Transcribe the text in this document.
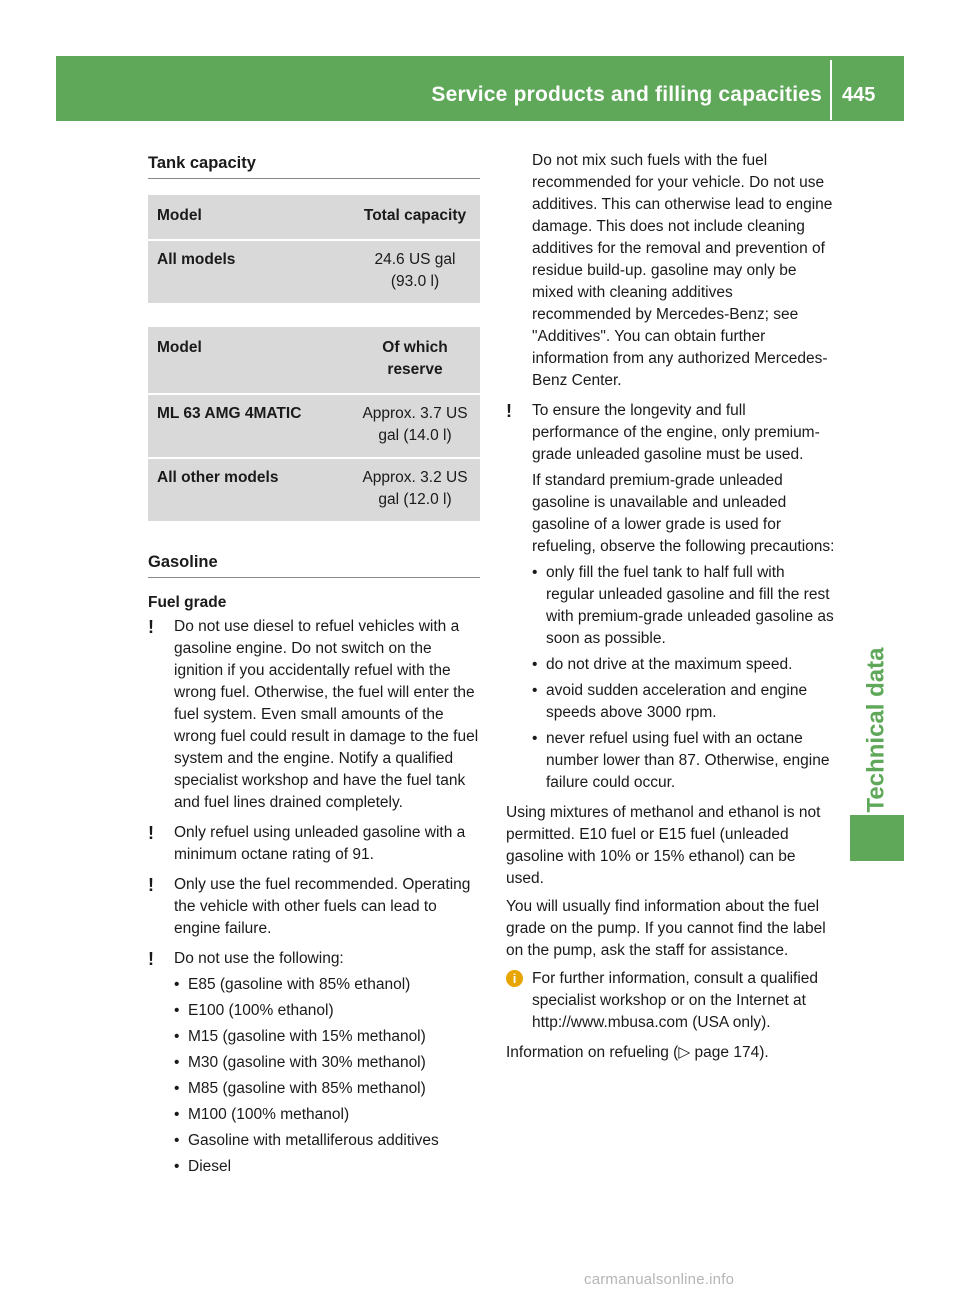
Service products and filling capacities 445
Technical data
Tank capacity
Model	Total capacity
All models	24.6 US gal (93.0 l)
Model	Of which reserve
ML 63 AMG 4MATIC	Approx. 3.7 US gal (14.0 l)
All other models	Approx. 3.2 US gal (12.0 l)
Gasoline
Fuel grade
! Do not use diesel to refuel vehicles with a gasoline engine. Do not switch on the ignition if you accidentally refuel with the wrong fuel. Otherwise, the fuel will enter the fuel system. Even small amounts of the wrong fuel could result in damage to the fuel system and the engine. Notify a qualified specialist workshop and have the fuel tank and fuel lines drained completely.

! Only refuel using unleaded gasoline with a minimum octane rating of 91.

! Only use the fuel recommended. Operating the vehicle with other fuels can lead to engine failure.

! Do not use the following:

• E85 (gasoline with 85% ethanol)
• E100 (100% ethanol)
• M15 (gasoline with 15% methanol)
• M30 (gasoline with 30% methanol)
• M85 (gasoline with 85% methanol)
• M100 (100% methanol)
• Gasoline with metalliferous additives
• Diesel

Do not mix such fuels with the fuel recommended for your vehicle. Do not use additives. This can otherwise lead to engine damage. This does not include cleaning additives for the removal and prevention of residue build-up. gasoline may only be mixed with cleaning additives recommended by Mercedes-Benz; see "Additives". You can obtain further information from any authorized Mercedes-Benz Center.

! To ensure the longevity and full performance of the engine, only premium-grade unleaded gasoline must be used.

If standard premium-grade unleaded gasoline is unavailable and unleaded gasoline of a lower grade is used for refueling, observe the following precautions:

• only fill the fuel tank to half full with regular unleaded gasoline and fill the rest with premium-grade unleaded gasoline as soon as possible.
• do not drive at the maximum speed.
• avoid sudden acceleration and engine speeds above 3000 rpm.
• never refuel using fuel with an octane number lower than 87. Otherwise, engine failure could occur.

Using mixtures of methanol and ethanol is not permitted. E10 fuel or E15 fuel (unleaded gasoline with 10% or 15% ethanol) can be used.

You will usually find information about the fuel grade on the pump. If you cannot find the label on the pump, ask the staff for assistance.

i	For further information, consult a qualified specialist workshop or on the Internet at http://www.mbusa.com (USA only).

Information on refueling (▷ page 174).

carmanualsonline.info
